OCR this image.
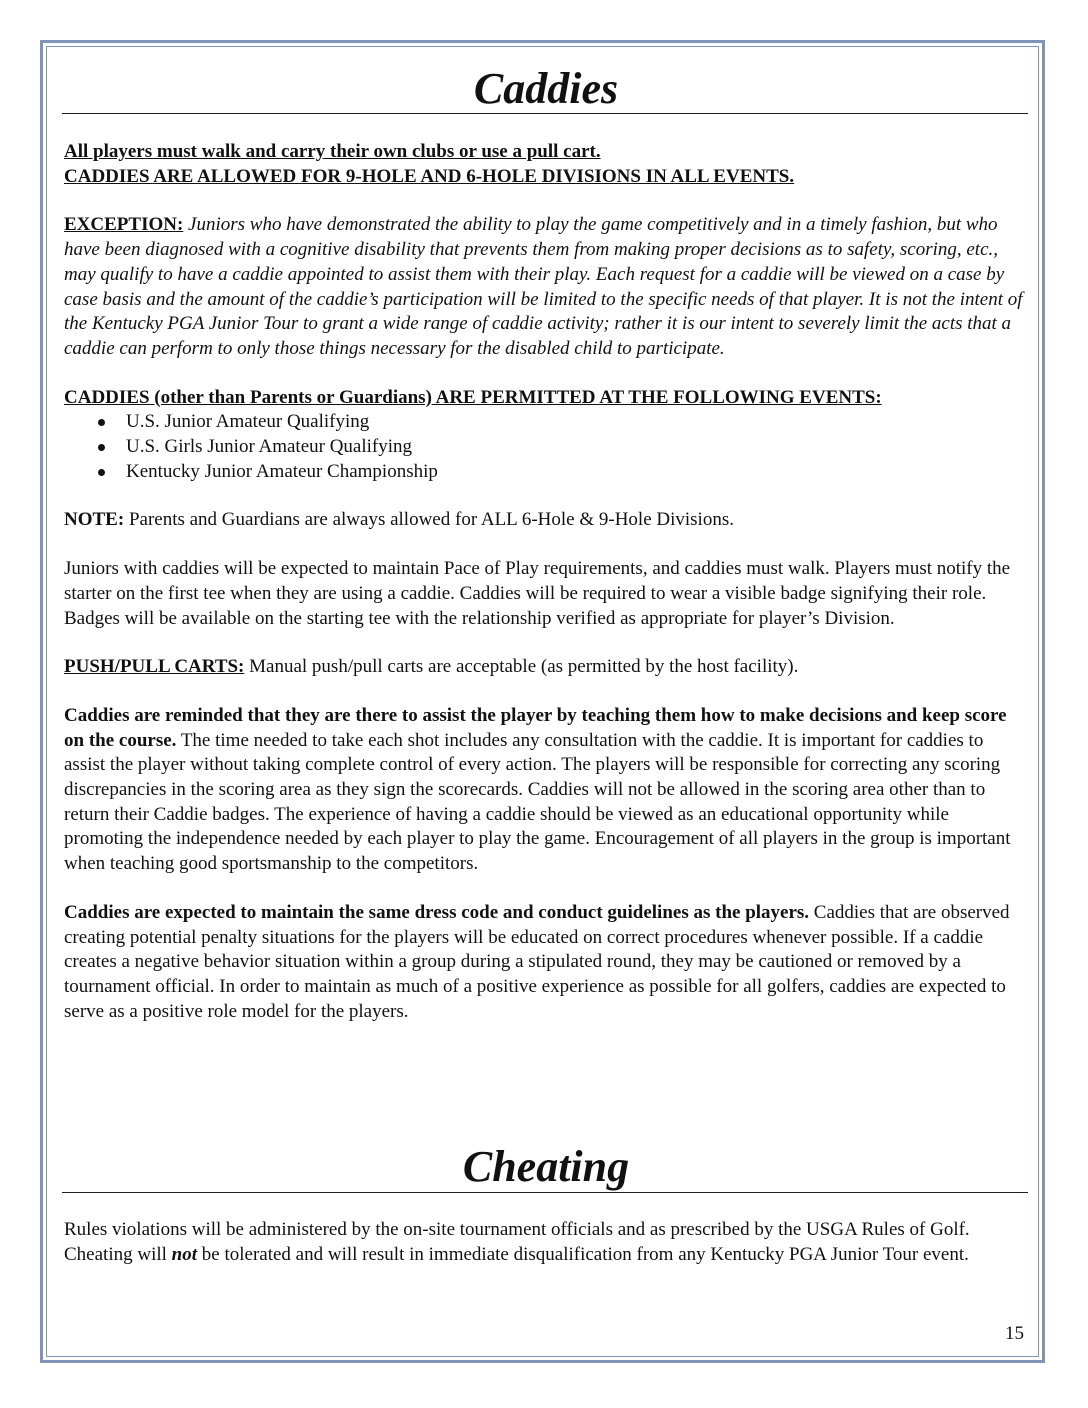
Caddies

All players must walk and carry their own clubs or use a pull cart.

CADDIES ARE ALLOWED FOR 9-HOLE AND 6-HOLE DIVISIONS IN ALL EVENTS.

EXCEPTION: Juniors who have demonstrated the ability to play the game competitively and in a timely fashion, but who have been diagnosed with a cognitive disability that prevents them from making proper decisions as to safety, scoring, etc., may qualify to have a caddie appointed to assist them with their play. Each request for a caddie will be viewed on a case by case basis and the amount of the caddie’s participation will be limited to the specific needs of that player. It is not the intent of the Kentucky PGA Junior Tour to grant a wide range of caddie activity; rather it is our intent to severely limit the acts that a caddie can perform to only those things necessary for the disabled child to participate.

CADDIES (other than Parents or Guardians) ARE PERMITTED AT THE FOLLOWING EVENTS:

U.S. Junior Amateur Qualifying
U.S. Girls Junior Amateur Qualifying
Kentucky Junior Amateur Championship

NOTE: Parents and Guardians are always allowed for ALL 6-Hole & 9-Hole Divisions.

Juniors with caddies will be expected to maintain Pace of Play requirements, and caddies must walk. Players must notify the starter on the first tee when they are using a caddie. Caddies will be required to wear a visible badge signifying their role. Badges will be available on the starting tee with the relationship verified as appropriate for player’s Division.

PUSH/PULL CARTS: Manual push/pull carts are acceptable (as permitted by the host facility).

Caddies are reminded that they are there to assist the player by teaching them how to make decisions and keep score on the course. The time needed to take each shot includes any consultation with the caddie. It is important for caddies to assist the player without taking complete control of every action. The players will be responsible for correcting any scoring discrepancies in the scoring area as they sign the scorecards. Caddies will not be allowed in the scoring area other than to return their Caddie badges. The experience of having a caddie should be viewed as an educational opportunity while promoting the independence needed by each player to play the game. Encouragement of all players in the group is important when teaching good sportsmanship to the competitors.

Caddies are expected to maintain the same dress code and conduct guidelines as the players. Caddies that are observed creating potential penalty situations for the players will be educated on correct procedures whenever possible. If a caddie creates a negative behavior situation within a group during a stipulated round, they may be cautioned or removed by a tournament official. In order to maintain as much of a positive experience as possible for all golfers, caddies are expected to serve as a positive role model for the players.

Cheating

Rules violations will be administered by the on-site tournament officials and as prescribed by the USGA Rules of Golf. Cheating will not be tolerated and will result in immediate disqualification from any Kentucky PGA Junior Tour event.

15
